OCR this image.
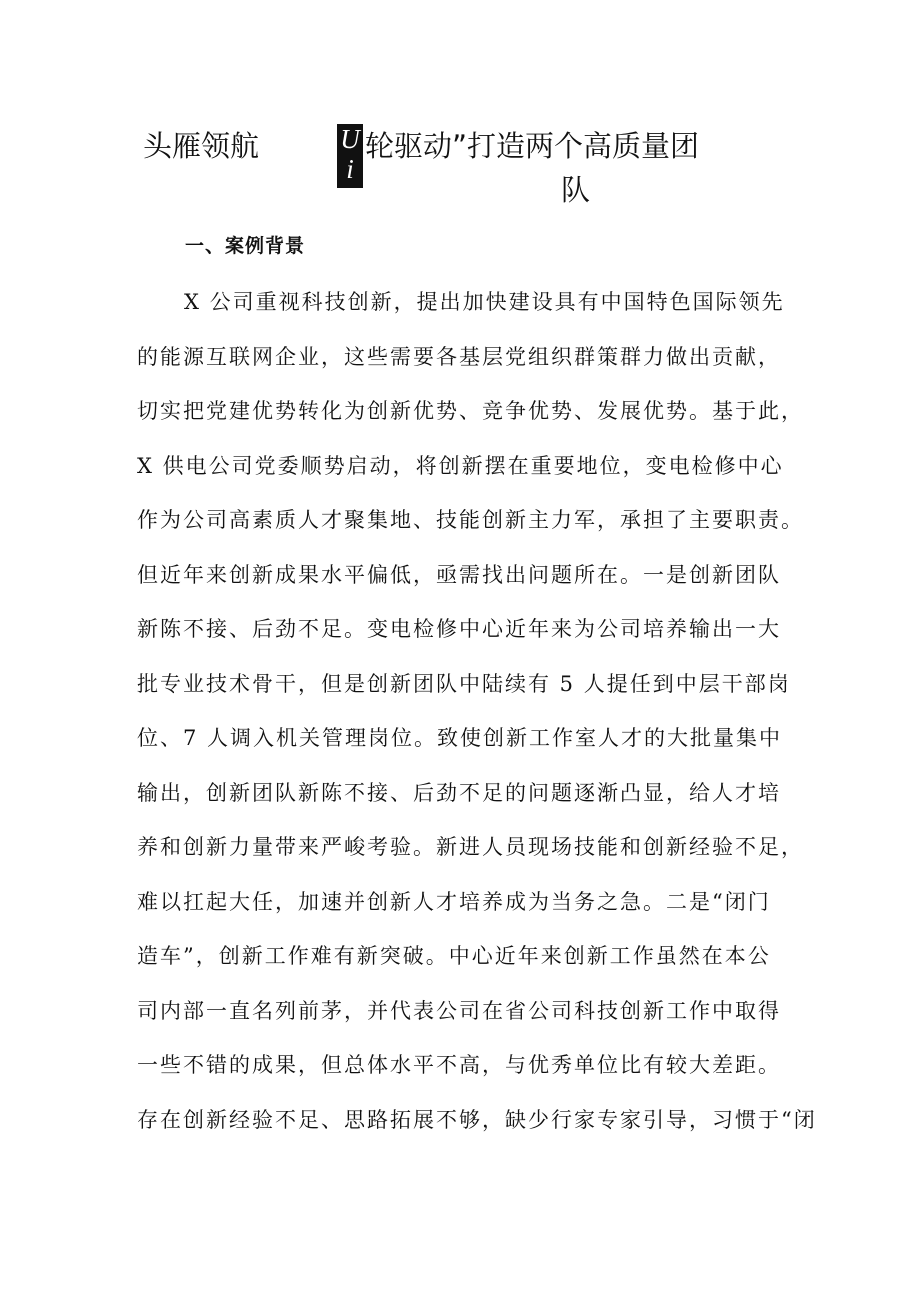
头雁领航	U
i
轮驱动”打造两个高质量团
队
一、案例背景
X 公司重视科技创新，提出加快建设具有中国特色国际领先
的能源互联网企业，这些需要各基层党组织群策群力做出贡献，
切实把党建优势转化为创新优势、竞争优势、发展优势。基于此，
X 供电公司党委顺势启动，将创新摆在重要地位，变电检修中心
作为公司高素质人才聚集地、技能创新主力军，承担了主要职责。
但近年来创新成果水平偏低，亟需找出问题所在。一是创新团队
新陈不接、后劲不足。变电检修中心近年来为公司培养输出一大
批专业技术骨干，但是创新团队中陆续有 5 人提任到中层干部岗
位、7 人调入机关管理岗位。致使创新工作室人才的大批量集中
输出，创新团队新陈不接、后劲不足的问题逐渐凸显，给人才培
养和创新力量带来严峻考验。新进人员现场技能和创新经验不足，
难以扛起大任，加速并创新人才培养成为当务之急。二是“闭门
造车”，创新工作难有新突破。中心近年来创新工作虽然在本公
司内部一直名列前茅，并代表公司在省公司科技创新工作中取得
一些不错的成果，但总体水平不高，与优秀单位比有较大差距。
存在创新经验不足、思路拓展不够，缺少行家专家引导，习惯于“闭
